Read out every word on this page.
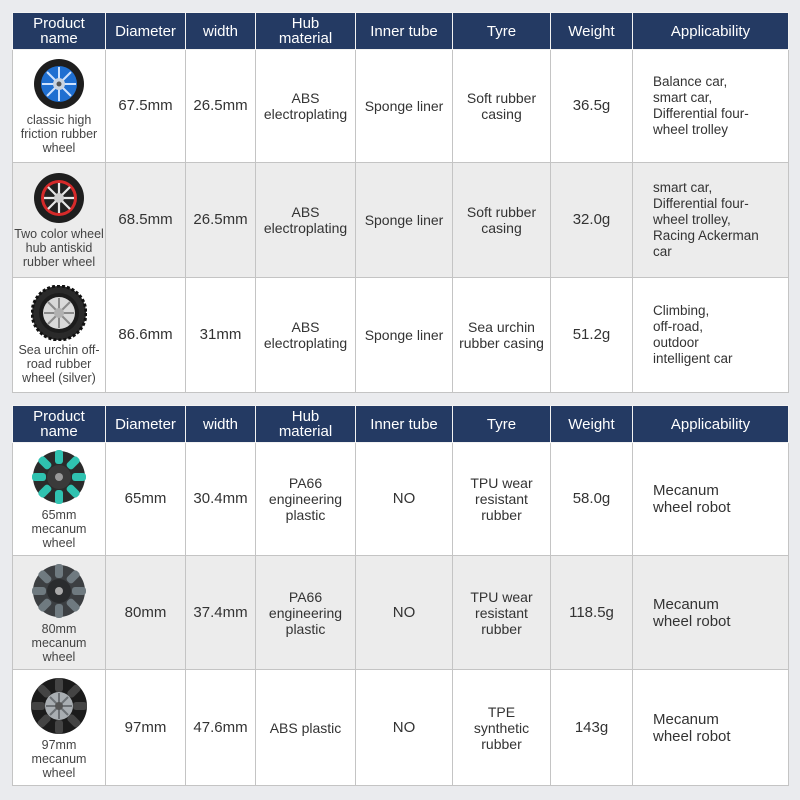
Product
name	Diameter	width	Hub
material	Inner tube	Tyre	Weight	Applicability

classic high
friction rubber
wheel	67.5mm	26.5mm	ABS
electroplating	Sponge liner	Soft rubber
casing	36.5g	Balance car,
smart car,
Differential four-
wheel trolley

Two color wheel
hub antiskid
rubber wheel	68.5mm	26.5mm	ABS
electroplating	Sponge liner	Soft rubber
casing	32.0g	smart car,
Differential four-
wheel trolley,
Racing Ackerman
car

Sea urchin off-
road rubber
wheel (silver)	86.6mm	31mm	ABS
electroplating	Sponge liner	Sea urchin
rubber casing	51.2g	Climbing,
off-road,
outdoor
intelligent car
Product
name	Diameter	width	Hub
material	Inner tube	Tyre	Weight	Applicability

65mm
mecanum wheel	65mm	30.4mm	PA66
engineering
plastic	NO	TPU wear
resistant
rubber	58.0g	Mecanum
wheel robot

80mm
mecanum wheel	80mm	37.4mm	PA66
engineering
plastic	NO	TPU wear
resistant
rubber	118.5g	Mecanum
wheel robot

97mm
mecanum wheel	97mm	47.6mm	ABS plastic	NO	TPE
synthetic
rubber	143g	Mecanum
wheel robot
